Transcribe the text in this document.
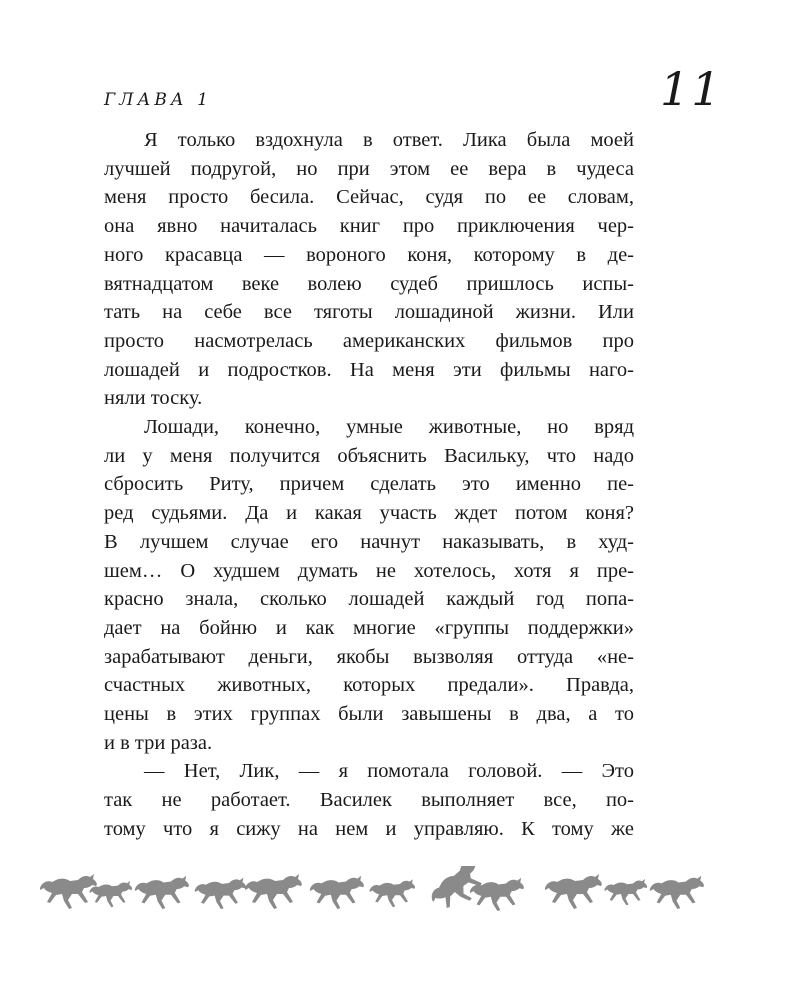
ГЛАВА 1	11

Я только вздохнула в ответ. Лика была моей
лучшей подругой, но при этом ее вера в чудеса
меня просто бесила. Сейчас, судя по ее словам,
она явно начиталась книг про приключения чер-
ного красавца — вороного коня, которому в де-
вятнадцатом веке волею судеб пришлось испы-
тать на себе все тяготы лошадиной жизни. Или
просто насмотрелась американских фильмов про
лошадей и подростков. На меня эти фильмы наго-
няли тоску.

Лошади, конечно, умные животные, но вряд
ли у меня получится объяснить Васильку, что надо
сбросить Риту, причем сделать это именно пе-
ред судьями. Да и какая участь ждет потом коня?
В лучшем случае его начнут наказывать, в худ-
шем… О худшем думать не хотелось, хотя я пре-
красно знала, сколько лошадей каждый год попа-
дает на бойню и как многие «группы поддержки»
зарабатывают деньги, якобы вызволяя оттуда «не-
счастных животных, которых предали». Правда,
цены в этих группах были завышены в два, а то
и в три раза.

— Нет, Лик, — я помотала головой. — Это
так не работает. Василек выполняет все, по-
тому что я сижу на нем и управляю. К тому же
